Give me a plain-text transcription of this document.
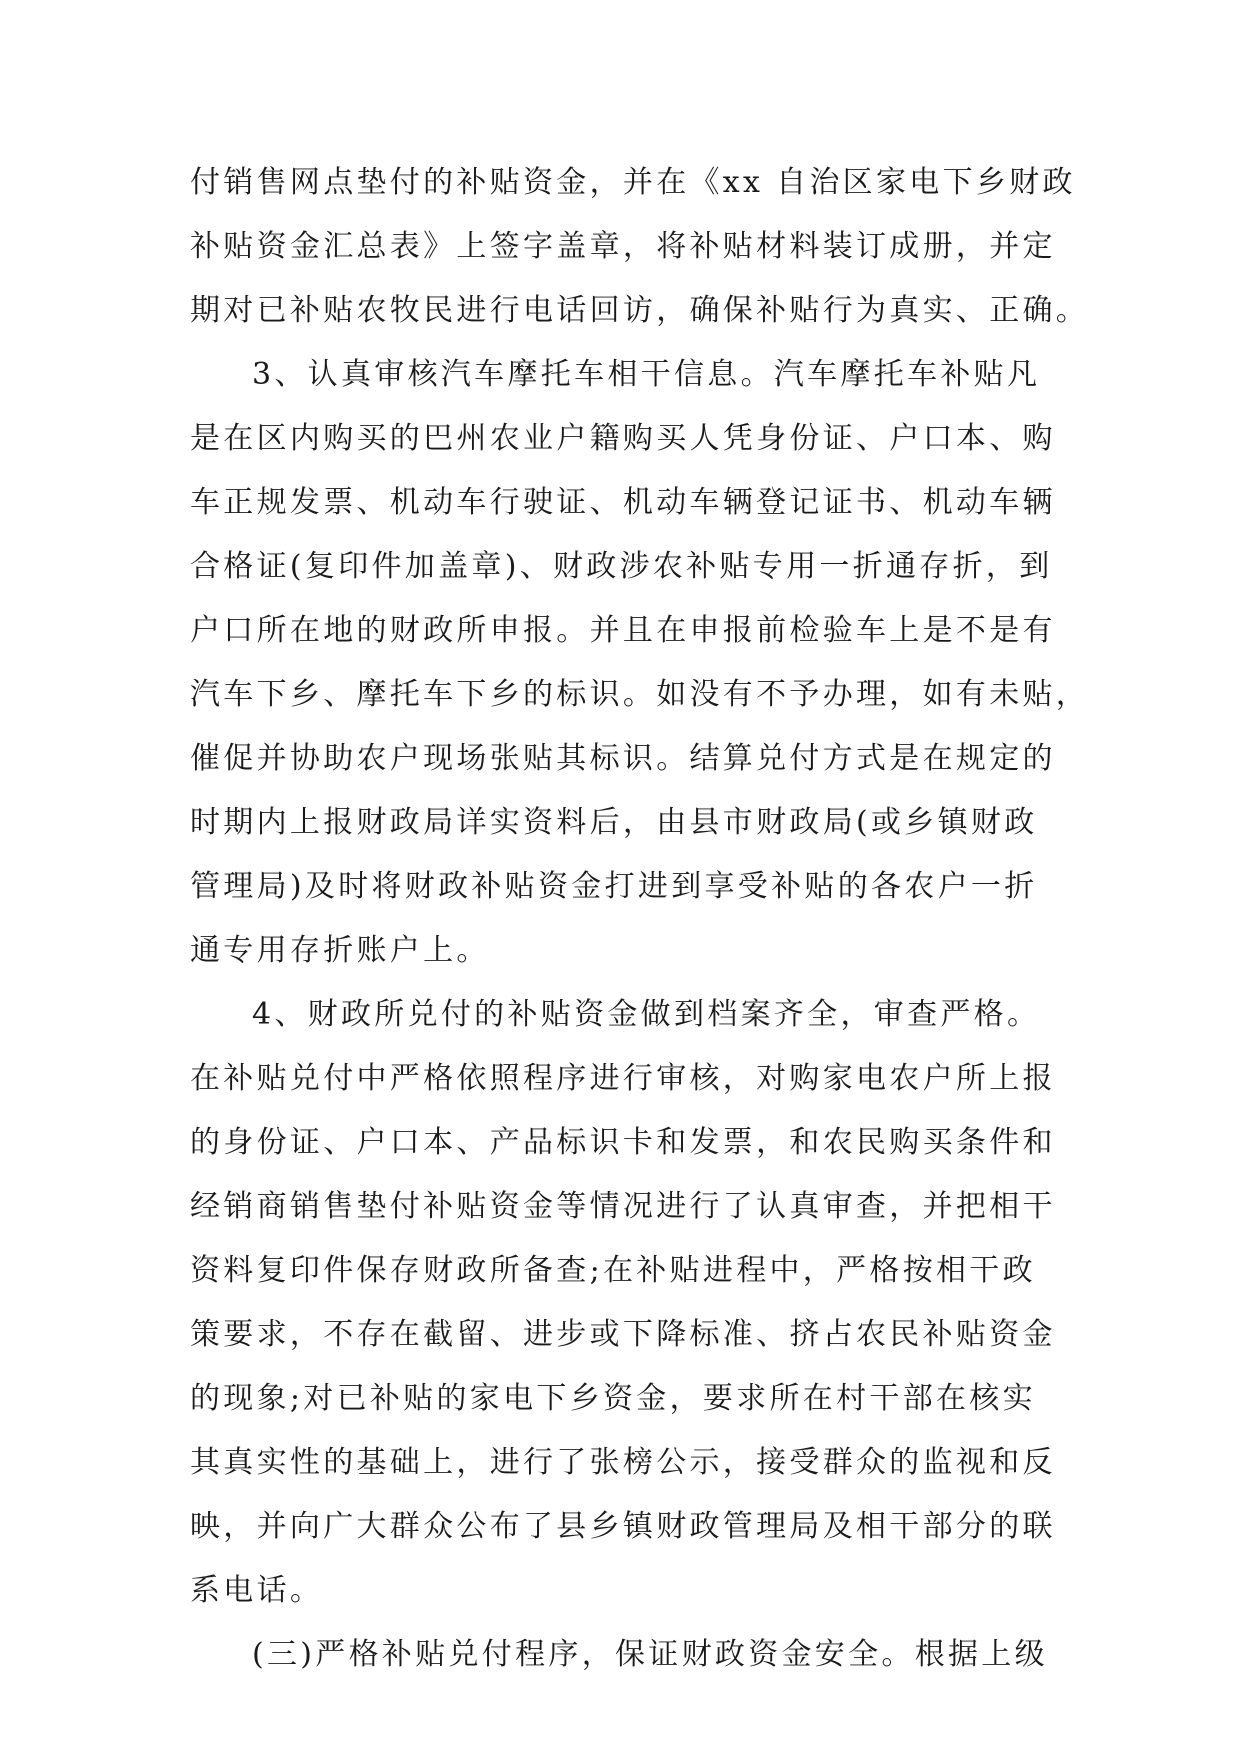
付销售网点垫付的补贴资金，并在《xx 自治区家电下乡财政
补贴资金汇总表》上签字盖章，将补贴材料装订成册，并定
期对已补贴农牧民进行电话回访，确保补贴行为真实、正确。
3、认真审核汽车摩托车相干信息。汽车摩托车补贴凡
是在区内购买的巴州农业户籍购买人凭身份证、户口本、购
车正规发票、机动车行驶证、机动车辆登记证书、机动车辆
合格证(复印件加盖章)、财政涉农补贴专用一折通存折，到
户口所在地的财政所申报。并且在申报前检验车上是不是有
汽车下乡、摩托车下乡的标识。如没有不予办理，如有未贴，
催促并协助农户现场张贴其标识。结算兑付方式是在规定的
时期内上报财政局详实资料后，由县市财政局(或乡镇财政
管理局)及时将财政补贴资金打进到享受补贴的各农户一折
通专用存折账户上。
4、财政所兑付的补贴资金做到档案齐全，审查严格。
在补贴兑付中严格依照程序进行审核，对购家电农户所上报
的身份证、户口本、产品标识卡和发票，和农民购买条件和
经销商销售垫付补贴资金等情况进行了认真审查，并把相干
资料复印件保存财政所备查;在补贴进程中，严格按相干政
策要求，不存在截留、进步或下降标准、挤占农民补贴资金
的现象;对已补贴的家电下乡资金，要求所在村干部在核实
其真实性的基础上，进行了张榜公示，接受群众的监视和反
映，并向广大群众公布了县乡镇财政管理局及相干部分的联
系电话。
(三)严格补贴兑付程序，保证财政资金安全。根据上级
